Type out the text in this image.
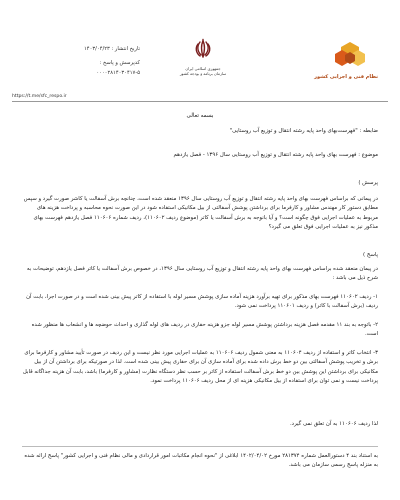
تاریخ انتشار : ۱۴۰۳/۰۴/۲۳
کدپرسش و پاسخ :
۰۰۰۰۲۸۱۴۰۳۰۴۱۷-۵
جمهوری اسلامی ایران
سازمان برنامه و بودجه کشور
نظام فنی و اجرایی کشور
https://t.me/sfc_respo.ir
بسمه تعالی
ضابطه : "فهرست‌بهای واحد پایه رشته انتقال و توزیع آب روستایی"
موضوع : فهرست بهای واحد پایه رشته انتقال و توزیع آب روستایی سال ۱۳۹۶ - فصل یازدهم
پرسش )
در پیمانی که براساس فهرست بهای واحد پایه رشته انتقال و توزیع آب روستایی سال ۱۳۹۶ منعقد شده است، چنانچه برش آسفالت یا کاشر صورت گیرد و سپس مطابق دستور کار مهندس مشاور و کارفرما برای برداشتن پوشش آسفالتی از بیل مکانیکی استفاده شود در این صورت نحوه محاسبه و پرداخت هزینه های مربوط به عملیات اجرایی فوق چگونه است؟ و آیا بانوجه به برش آسفالت یا کاتر (موضوع ردیف ۱۱۰۶۰۲)، ردیف شماره ۱۱۰۶۰۶ فصل یازدهم فهرست بهای مذکور نیز به عملیات اجرایی فوق تعلق می گیرد؟
پاسخ )
در پیمان منعقد شده براساس فهرست بهای واحد پایه رشته انتقال و توزیع آب روستایی سال ۱۳۹۶، در خصوص برش آسفالت یا کاتر فصل یازدهم، توضیحات به شرح ذیل می باشد :
۱- ردیف ۱۱۰۶۰۲ فهرست بهای مذکور برای تهیه برآورد هزینه آماده سازی پوشش مسیر لوله با استفاده از کاتر پیش بینی شده است و در صورت اجرا، بابت آن ردیف (برش آسفالت با کاتر) و ردیف ۱۱۰۶۰۱ پرداخت نمی شود.
۲- باتوجه به بند ۱۱ مقدمه فصل هزینه برداشتن پوشش مسیر لوله جزو هزینه حفاری در ردیف های لوله گذاری و احداث حوضچه ها و انشعاب ها منظور شده است.
۳- انتخاب کاتر و استفاده از ردیف ۱۱۰۶۰۴ به معنی شمول ردیف ۱۱۰۶۰۶ به عملیات اجرایی مورد نظر نیست و این ردیف در صورت تأیید مشاور و کارفرما برای برش و تخریب پوشش آسفالتی بین دو خط برش داده شده برای آماده سازی آن برای حفاری پیش بینی شده است. لذا در صورتیکه برای برداشتن آن از بیل مکانیکی برای برداشتن این پوشش بین دو خط برش آسفالت استفاده از کاتر بر حسب نظر دستگاه نظارت (مشاور و کارفرما) باشد، بابت آن هزینه جداگانه قابل پرداخت نیست و نمی توان برای استفاده از بیل مکانیکی هزینه ای از محل ردیف ۱۱۰۶۰۶ پرداخت نمود.
لذا ردیف ۱۱۰۶۰۶ به آن تعلق نمی گیرد.
به استناد بند ۴ دستورالعمل شماره ۲۸۱۳۷۴ مورخ ۱۴۰۲/۰۴/۰۲ ابلاغی از "نحوه انجام مکاتبات امور قراردادی و مالی نظام فنی و اجرایی کشور" پاسخ ارائه شده به منزله پاسخ رسمی سازمان می باشد.
